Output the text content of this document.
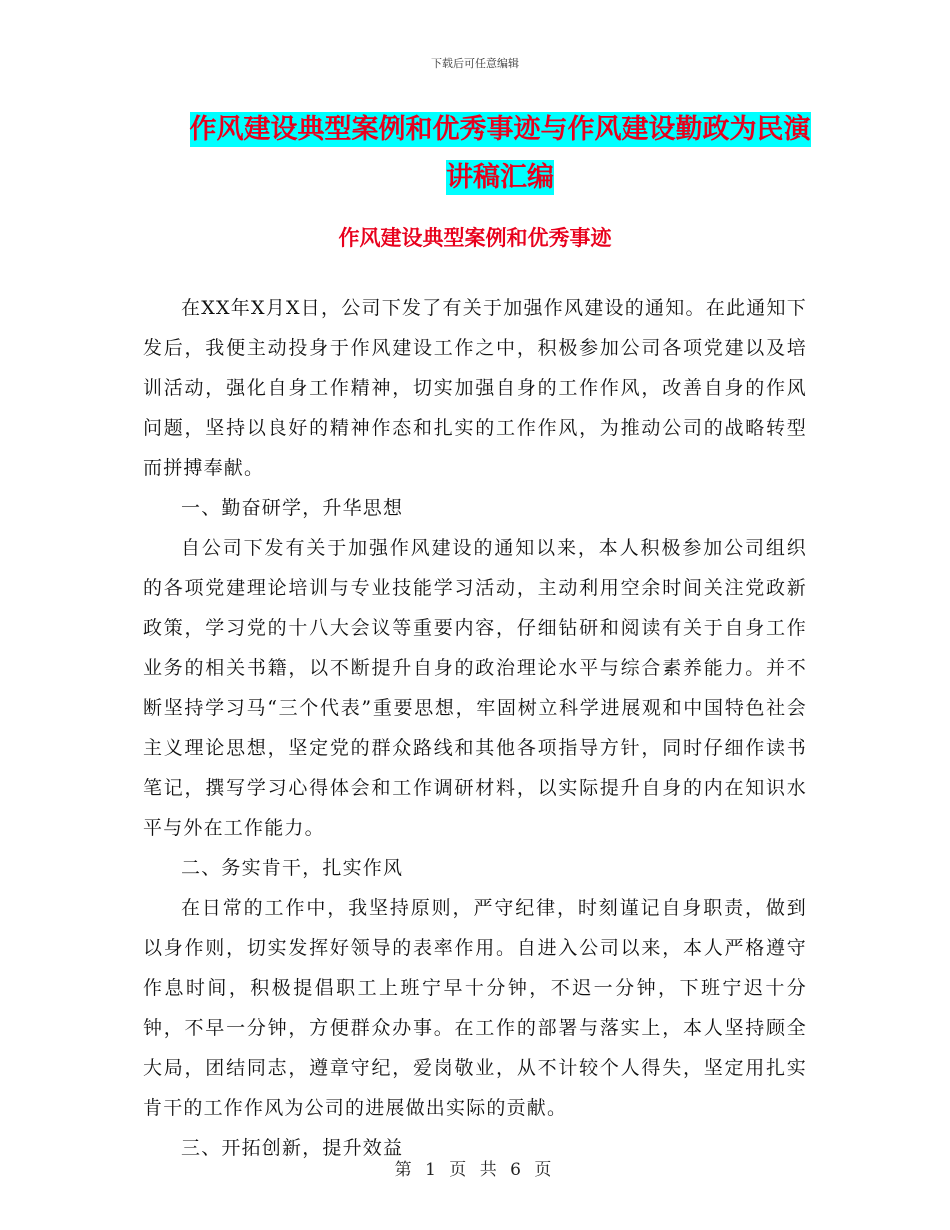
下载后可任意编辑
作风建设典型案例和优秀事迹与作风建设勤政为民演
讲稿汇编
作风建设典型案例和优秀事迹

在XX年X月X日，公司下发了有关于加强作风建设的通知。在此通知下发后，我便主动投身于作风建设工作之中，积极参加公司各项党建以及培训活动，强化自身工作精神，切实加强自身的工作作风，改善自身的作风问题，坚持以良好的精神作态和扎实的工作作风，为推动公司的战略转型而拼搏奉献。

一、勤奋研学，升华思想

自公司下发有关于加强作风建设的通知以来，本人积极参加公司组织的各项党建理论培训与专业技能学习活动，主动利用空余时间关注党政新政策，学习党的十八大会议等重要内容，仔细钻研和阅读有关于自身工作业务的相关书籍，以不断提升自身的政治理论水平与综合素养能力。并不断坚持学习马“三个代表”重要思想，牢固树立科学进展观和中国特色社会主义理论思想，坚定党的群众路线和其他各项指导方针，同时仔细作读书笔记，撰写学习心得体会和工作调研材料，以实际提升自身的内在知识水平与外在工作能力。

二、务实肯干，扎实作风

在日常的工作中，我坚持原则，严守纪律，时刻谨记自身职责，做到以身作则，切实发挥好领导的表率作用。自进入公司以来，本人严格遵守作息时间，积极提倡职工上班宁早十分钟，不迟一分钟，下班宁迟十分钟，不早一分钟，方便群众办事。在工作的部署与落实上，本人坚持顾全大局，团结同志，遵章守纪，爱岗敬业，从不计较个人得失，坚定用扎实肯干的工作作风为公司的进展做出实际的贡献。

三、开拓创新，提升效益

第 1 页 共 6 页
